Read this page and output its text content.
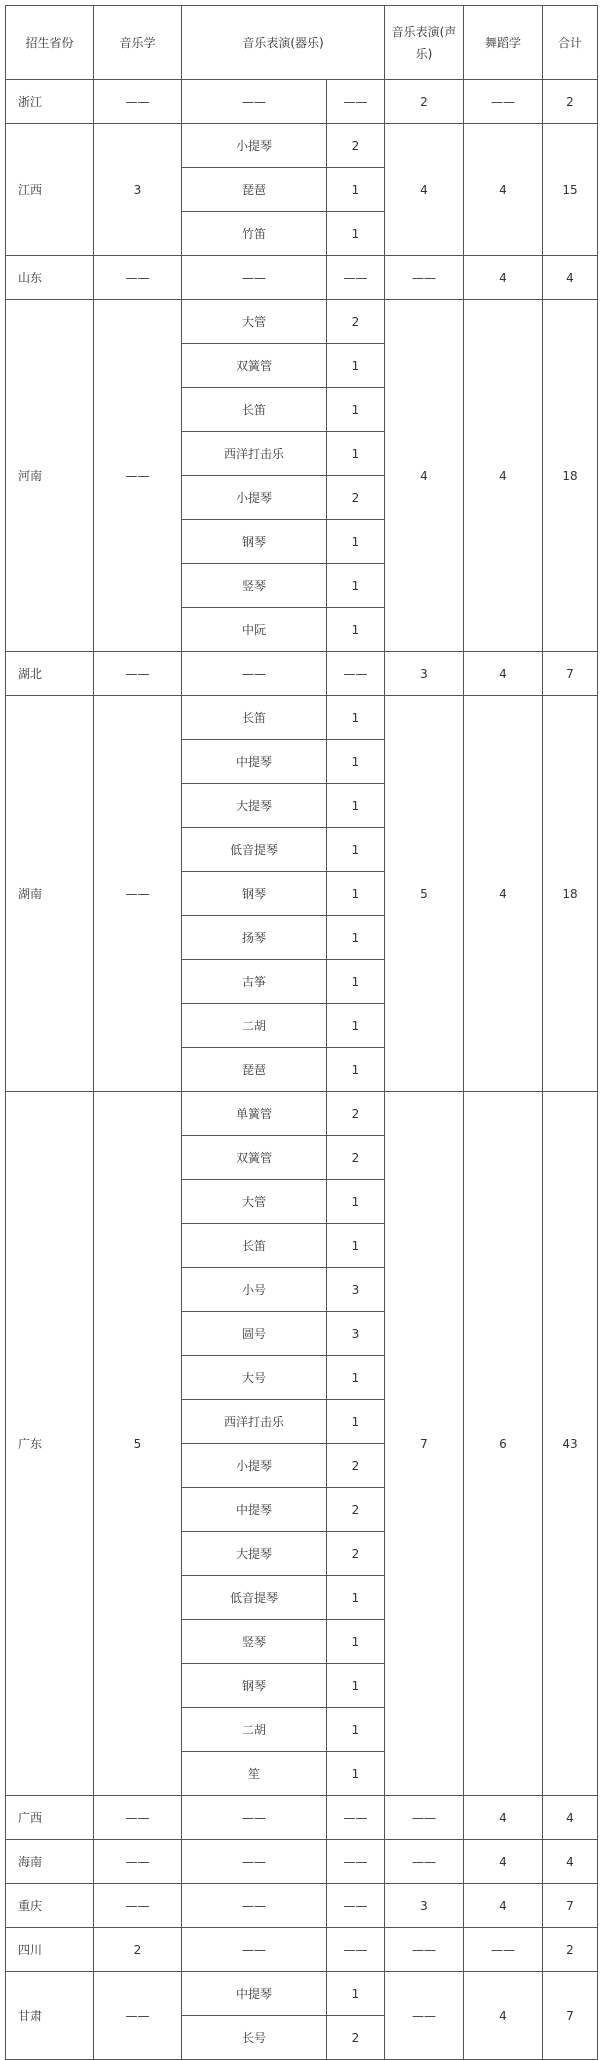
招生省份	音乐学	音乐表演(器乐)		音乐表演(声乐)	舞蹈学	合计
浙江	——	——	——	2	——	2
江西	3	小提琴	2	4	4	15
		琵琶	1			
		竹笛	1			
山东	——	——	——	——	4	4
河南	——	大管	2	4	4	18
		双簧管	1			
		长笛	1			
		西洋打击乐	1			
		小提琴	2			
		钢琴	1			
		竖琴	1			
		中阮	1			
湖北	——	——	——	3	4	7
湖南	——	长笛	1	5	4	18
		中提琴	1			
		大提琴	1			
		低音提琴	1			
		钢琴	1			
		扬琴	1			
		古筝	1			
		二胡	1			
		琵琶	1			
广东	5	单簧管	2	7	6	43
		双簧管	2			
		大管	1			
		长笛	1			
		小号	3			
		圆号	3			
		大号	1			
		西洋打击乐	1			
		小提琴	2			
		中提琴	2			
		大提琴	2			
		低音提琴	1			
		竖琴	1			
		钢琴	1			
		二胡	1			
		笙	1			
广西	——	——	——	——	4	4
海南	——	——	——	——	4	4
重庆	——	——	——	3	4	7
四川	2	——	——	——	——	2
甘肃	——	中提琴	1	——	4	7
		长号	2			
